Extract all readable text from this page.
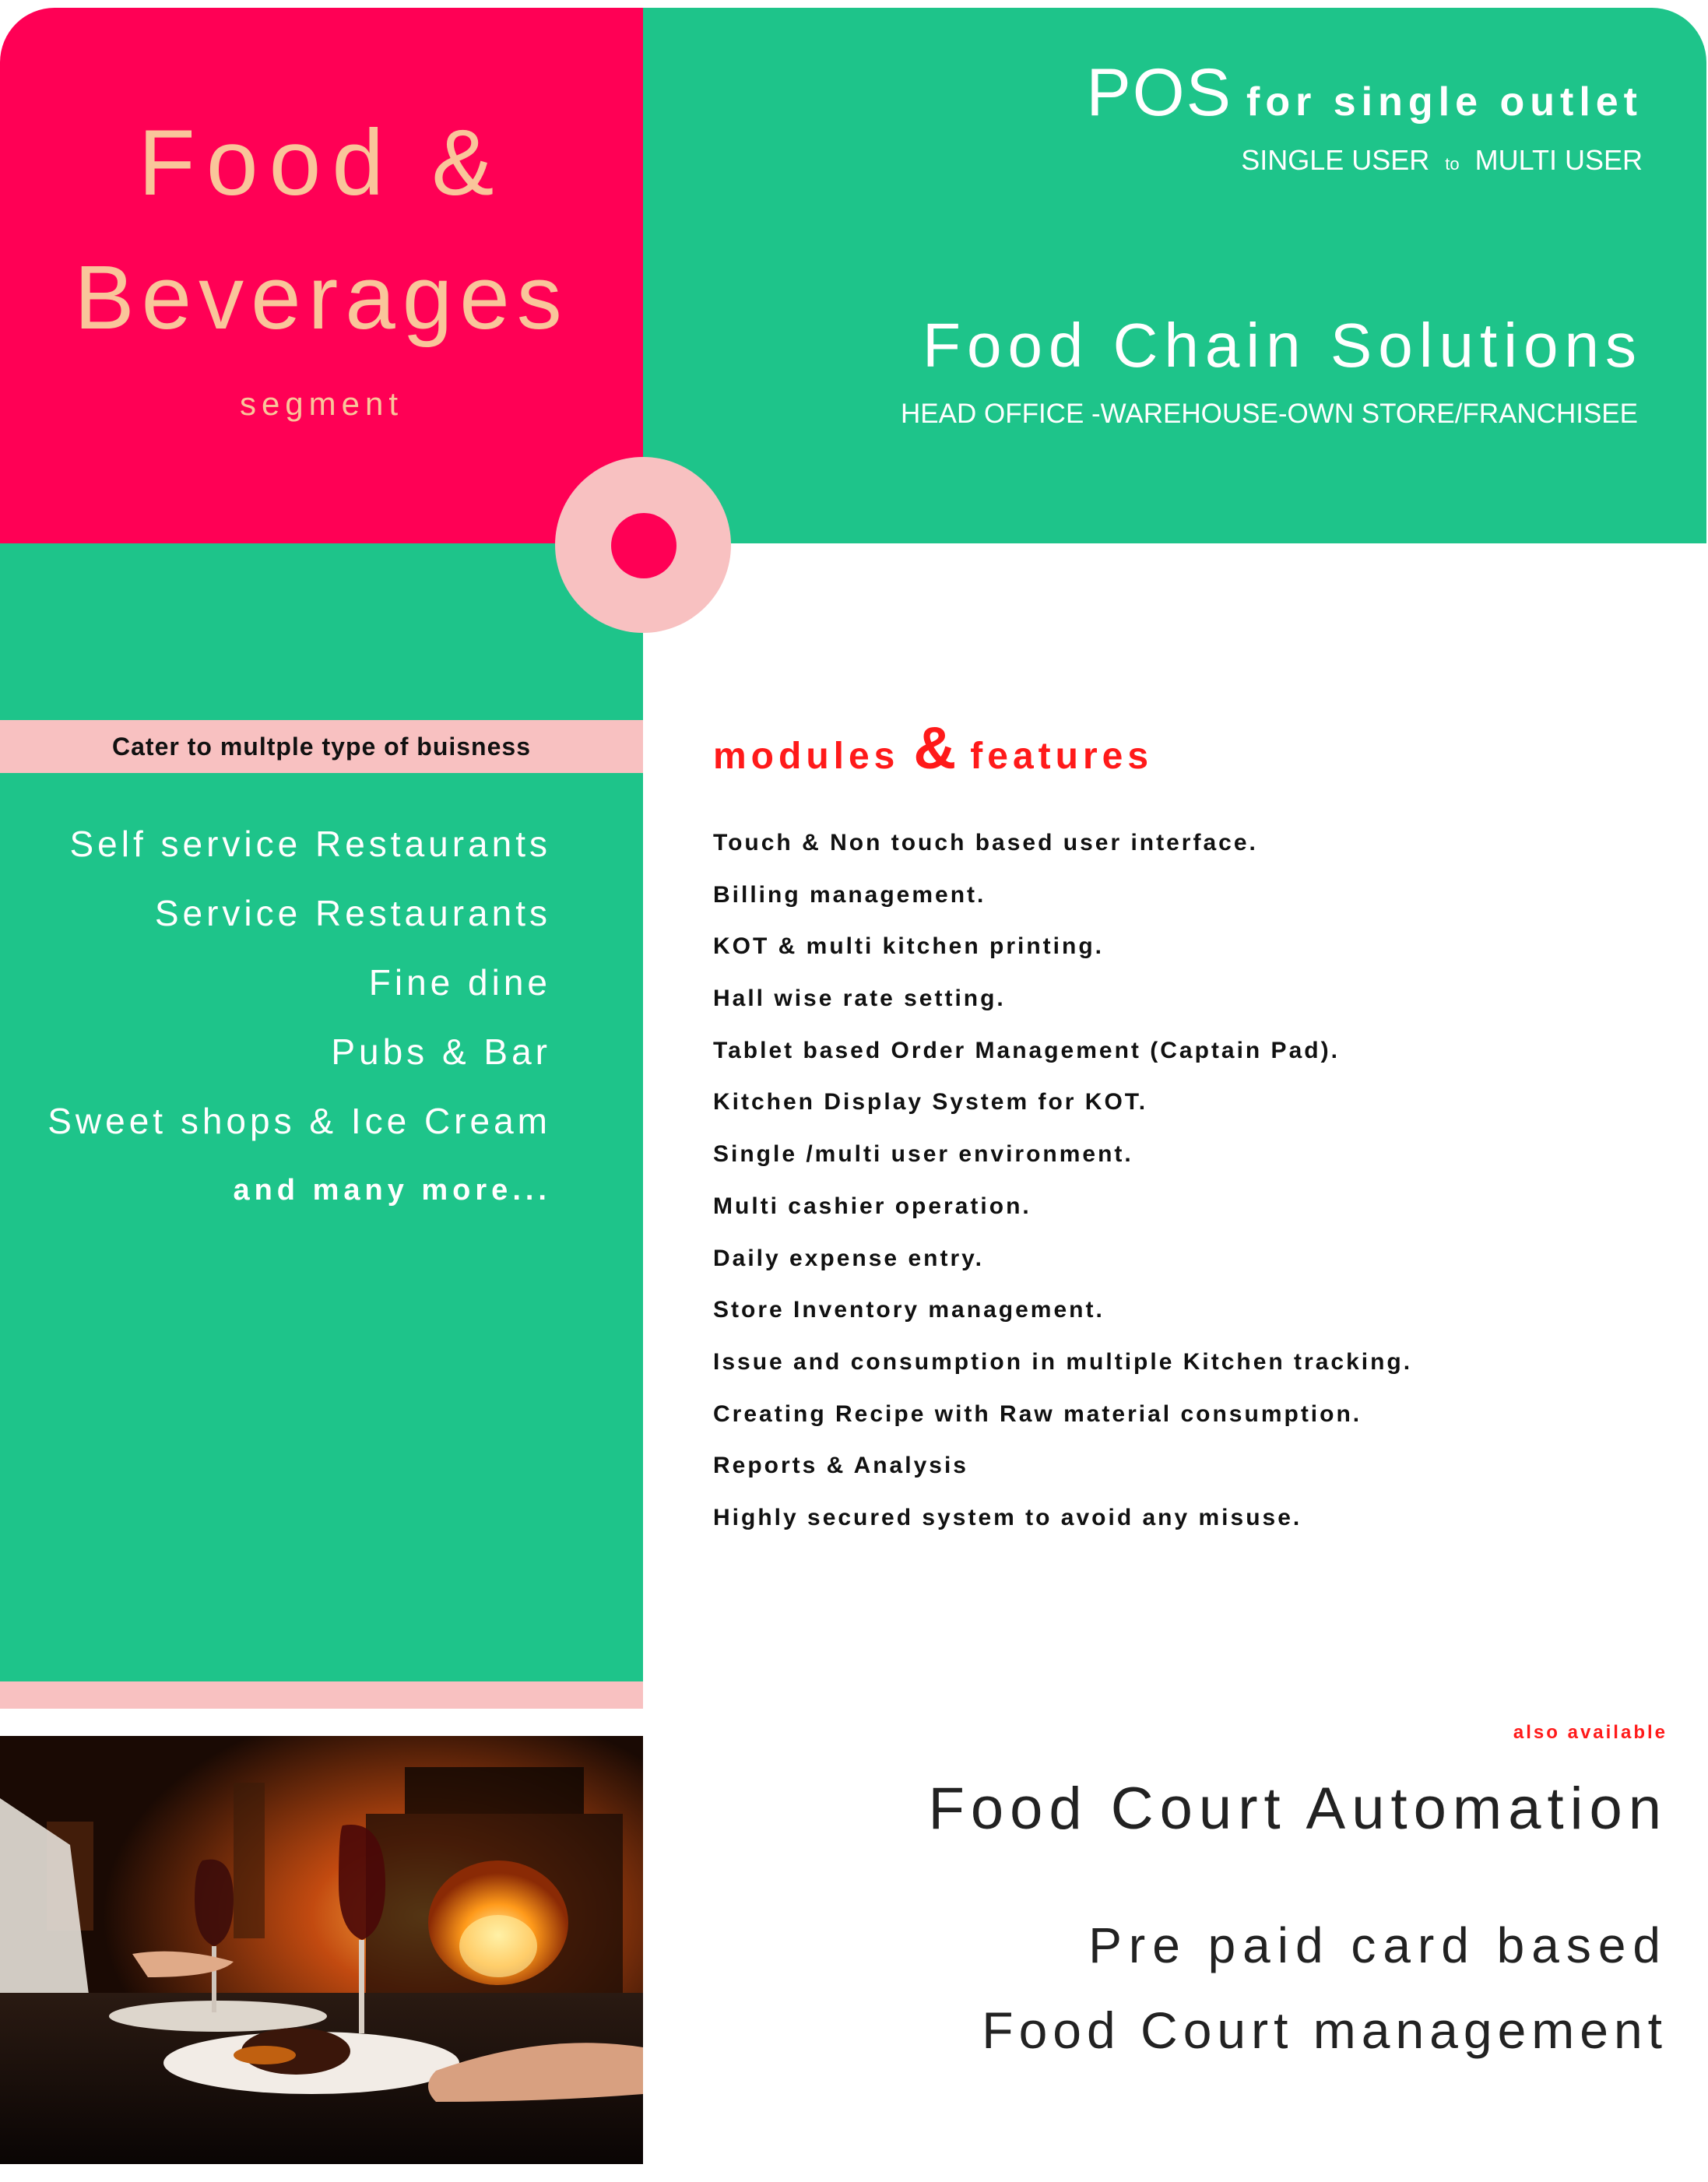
Cater to multple type of buisness
Food &
Beverages
segment
POS for single outlet
SINGLE USER to MULTI USER
Food Chain Solutions
HEAD OFFICE -WAREHOUSE-OWN STORE/FRANCHISEE
Self service Restaurants
Service Restaurants
Fine dine
Pubs & Bar
Sweet shops & Ice Cream
and many more...
modules & features
Touch & Non touch based user interface.
Billing management.
KOT & multi kitchen printing.
Hall wise rate setting.
Tablet based Order Management (Captain Pad).
Kitchen Display System for KOT.
Single /multi user environment.
Multi cashier operation.
Daily expense entry.
Store Inventory management.
Issue and consumption in multiple Kitchen tracking.
Creating Recipe with Raw material consumption.
Reports & Analysis
Highly secured system to avoid any misuse.
also available
Food Court Automation
Pre paid card based
Food Court management
